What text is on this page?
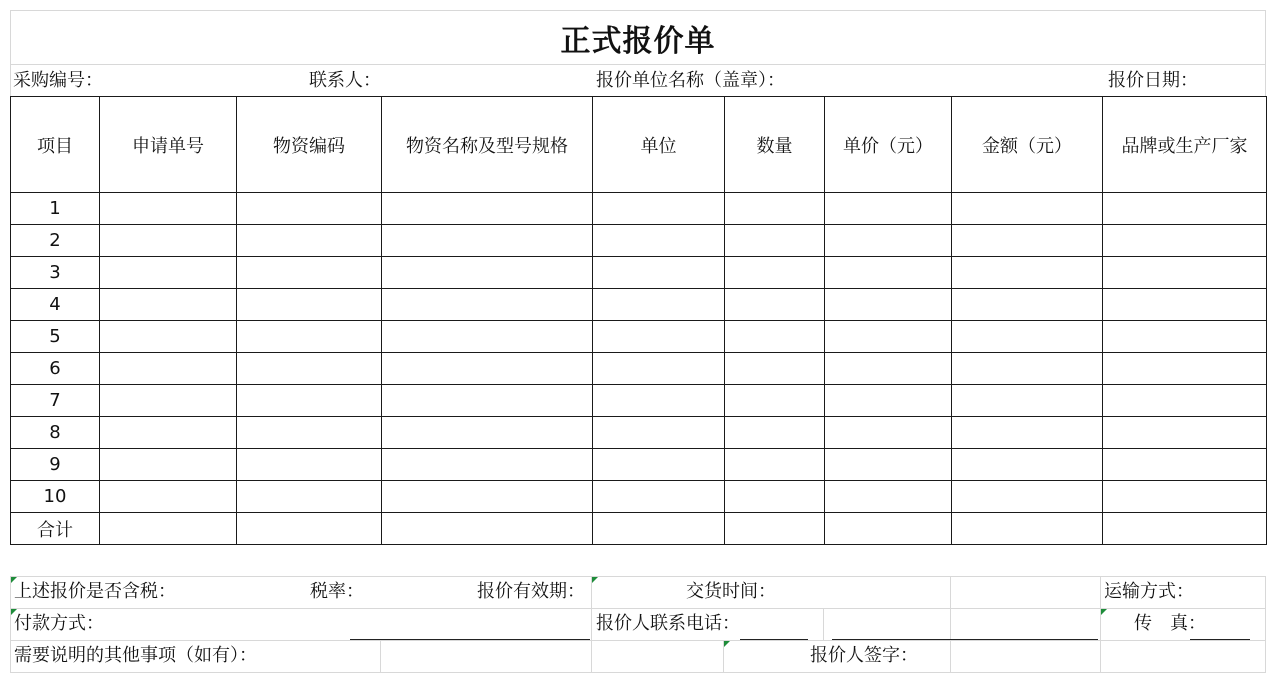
正式报价单
采购编号：	联系人：	报价单位名称（盖章）：	报价日期：
项目	申请单号	物资编码	物资名称及型号规格	单位	数量	单价（元）	金额（元）	品牌或生产厂家
1								
2								
3								
4								
5								
6								
7								
8								
9								
10								
合计								
上述报价是否含税：	税率：	报价有效期：	交货时间：	运输方式：
付款方式：	报价人联系电话：	传　真：
需要说明的其他事项（如有）：	报价人签字：
